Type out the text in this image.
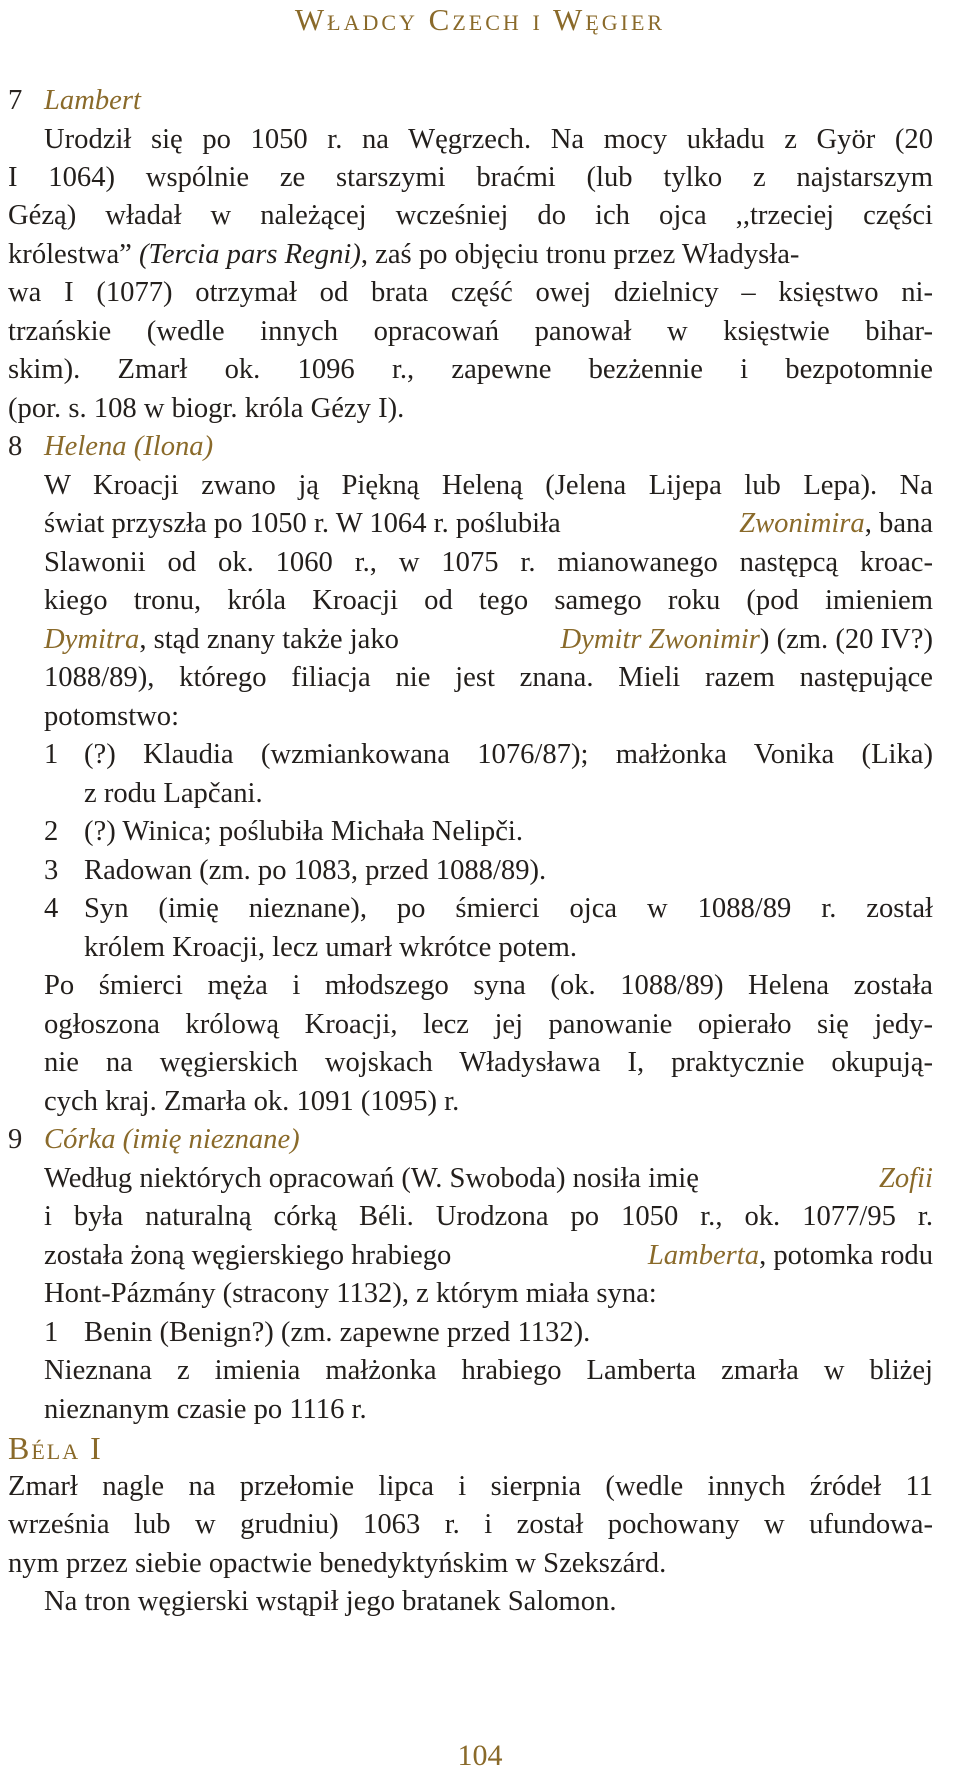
Władcy Czech i Węgier
7 Lambert
Urodził się po 1050 r. na Węgrzech. Na mocy układu z Györ (20
I 1064) wspólnie ze starszymi braćmi (lub tylko z najstarszym
Gézą) władał w należącej wcześniej do ich ojca ,,trzeciej części
królestwa” (Tercia pars Regni), zaś po objęciu tronu przez Władysła-
wa I (1077) otrzymał od brata część owej dzielnicy – księstwo ni-
trzańskie (wedle innych opracowań panował w księstwie bihar-
skim). Zmarł ok. 1096 r., zapewne bezżennie i bezpotomnie
(por. s. 108 w biogr. króla Gézy I).
8 Helena (Ilona)
W Kroacji zwano ją Piękną Heleną (Jelena Lijepa lub Lepa). Na
świat przyszła po 1050 r. W 1064 r. poślubiła	Zwonimira, bana
Slawonii od ok. 1060 r., w 1075 r. mianowanego następcą kroac-
kiego tronu, króla Kroacji od tego samego roku (pod imieniem
Dymitra, stąd znany także jako	Dymitr Zwonimir) (zm. (20 IV?)
1088/89), którego filiacja nie jest znana. Mieli razem następujące
potomstwo:
1 (?) Klaudia (wzmiankowana 1076/87); małżonka Vonika (Lika)
z rodu Lapčani.
2 (?) Winica; poślubiła Michała Nelipči.
3 Radowan (zm. po 1083, przed 1088/89).
4 Syn (imię nieznane), po śmierci ojca w 1088/89 r. został
królem Kroacji, lecz umarł wkrótce potem.
Po śmierci męża i młodszego syna (ok. 1088/89) Helena została
ogłoszona królową Kroacji, lecz jej panowanie opierało się jedy-
nie na węgierskich wojskach Władysława I, praktycznie okupują-
cych kraj. Zmarła ok. 1091 (1095) r.
9 Córka (imię nieznane)
Według niektórych opracowań (W. Swoboda) nosiła imię	Zofii
i była naturalną córką Béli. Urodzona po 1050 r., ok. 1077/95 r.
została żoną węgierskiego hrabiego	Lamberta, potomka rodu
Hont-Pázmány (stracony 1132), z którym miała syna:
1 Benin (Benign?) (zm. zapewne przed 1132).
Nieznana z imienia małżonka hrabiego Lamberta zmarła w bliżej
nieznanym czasie po 1116 r.
Béla I
Zmarł nagle na przełomie lipca i sierpnia (wedle innych źródeł 11
września lub w grudniu) 1063 r. i został pochowany w ufundowa-
nym przez siebie opactwie benedyktyńskim w Szekszárd.
Na tron węgierski wstąpił jego bratanek Salomon.
104
